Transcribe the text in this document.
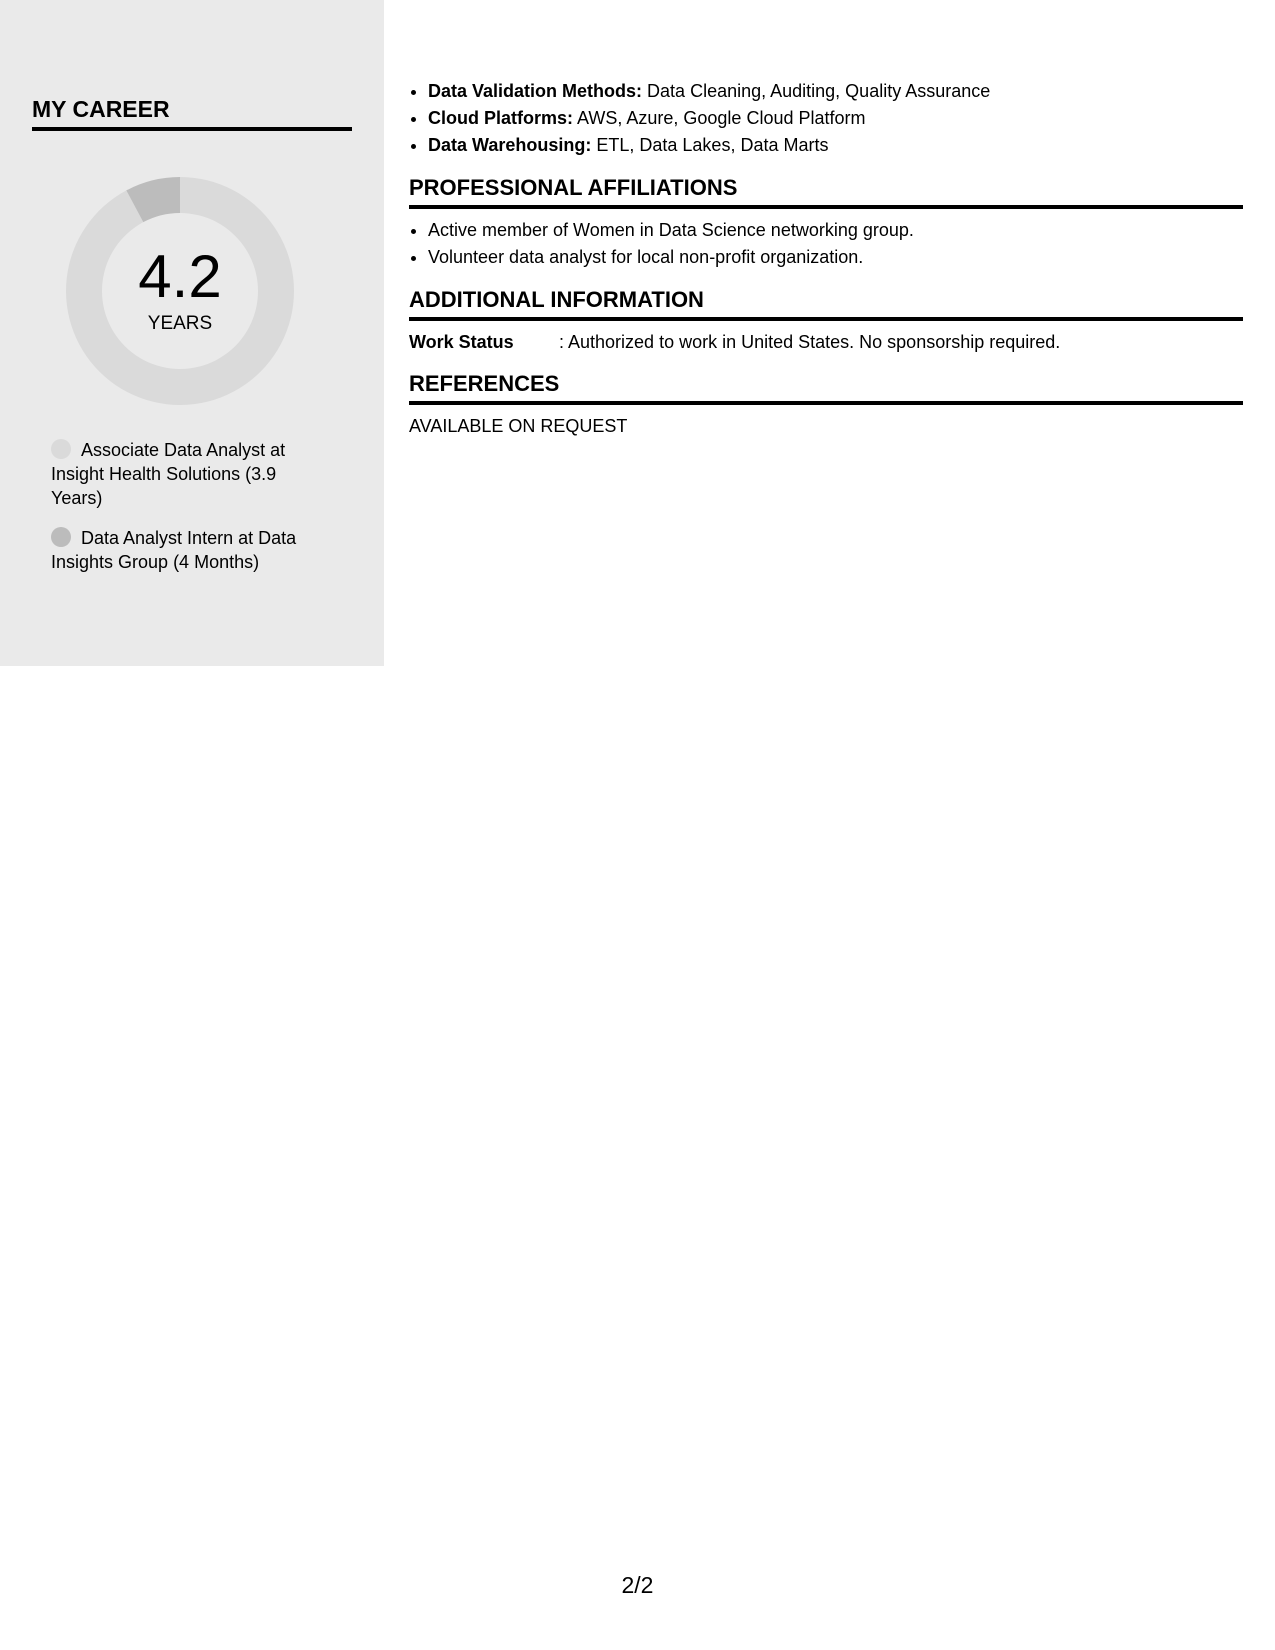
MY CAREER
4.2
YEARS
Associate Data Analyst at Insight Health Solutions (3.9 Years)
Data Analyst Intern at Data Insights Group (4 Months)
• Data Validation Methods: Data Cleaning, Auditing, Quality Assurance
• Cloud Platforms: AWS, Azure, Google Cloud Platform
• Data Warehousing: ETL, Data Lakes, Data Marts
PROFESSIONAL AFFILIATIONS
• Active member of Women in Data Science networking group.
• Volunteer data analyst for local non-profit organization.
ADDITIONAL INFORMATION
Work Status	: Authorized to work in United States. No sponsorship required.
REFERENCES
AVAILABLE ON REQUEST
2/2
